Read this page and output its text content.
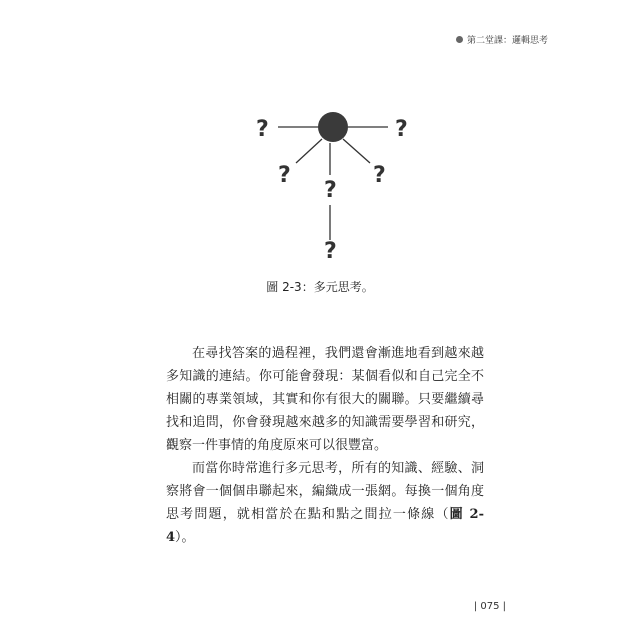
第二堂課：邏輯思考
?	?
?	?
?
?
圖 2-3：多元思考。

在尋找答案的過程裡，我們還會漸進地看到越來越多知識的連結。你可能會發現：某個看似和自己完全不相關的專業領域，其實和你有很大的關聯。只要繼續尋找和追問，你會發現越來越多的知識需要學習和研究，觀察一件事情的角度原來可以很豐富。

而當你時常進行多元思考，所有的知識、經驗、洞察將會一個個串聯起來，編織成一張網。每換一個角度思考問題，就相當於在點和點之間拉一條線（圖 2-4）。

| 075 |
